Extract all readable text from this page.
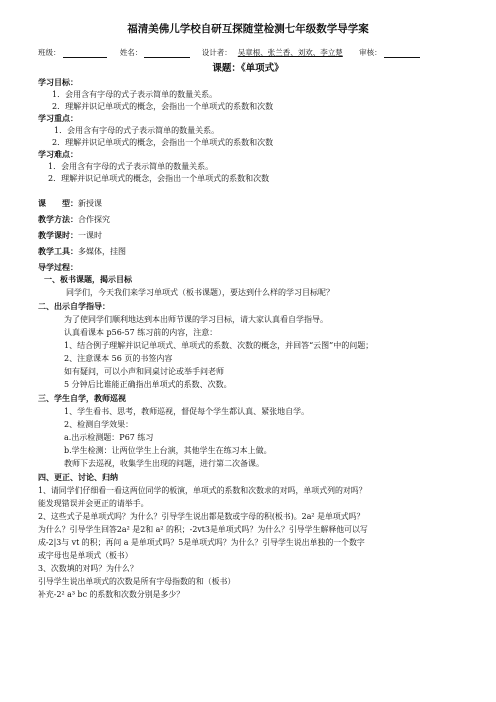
福清美佛儿学校自研互探随堂检测七年级数学导学案
班级：	姓名：	设计者： 吴章根、张兰香、刘欢、李立楚 审核：
课题：《单项式》
学习目标：
1．会用含有字母的式子表示简单的数量关系。
2．理解并识记单项式的概念，会指出一个单项式的系数和次数
学习重点：
1．会用含有字母的式子表示简单的数量关系。
2．理解并识记单项式的概念，会指出一个单项式的系数和次数
学习难点：
1．会用含有字母的式子表示简单的数量关系。
2．理解并识记单项式的概念，会指出一个单项式的系数和次数
课　　型：新授课
教学方法：合作探究
教学课时：一课时
教学工具：多媒体，挂图
导学过程：
一、板书课题，揭示目标
同学们，今天我们来学习单项式（板书课题），要达到什么样的学习目标呢？
二、出示自学指导：
为了使同学们顺利地达到本出师节课的学习目标，请大家认真看自学指导。
认真看课本 p56-57 练习前的内容，注意：
1、结合例子理解并识记单项式、单项式的系数、次数的概念，并回答“云图”中的问题；
2、注意课本 56 页的书签内容
如有疑问，可以小声和同桌讨论或举手问老师
5 分钟后比谁能正确指出单项式的系数、次数。
三、学生自学，教师巡视
1、学生看书、思考，教师巡视，督促每个学生都认真、紧张地自学。
2、检测自学效果：
a.出示检测题：P67 练习
b.学生检测：让两位学生上台演，其他学生在练习本上做。
教师下去巡视，收集学生出现的问题，进行第二次备课。
四、更正、讨论、归纳
1、请同学们仔细看一看这两位同学的板演，单项式的系数和次数求的对吗，单项式列的对吗？
能发现错误并会更正的请举手。
2、这些式子是单项式吗？为什么？引导学生说出都是数或字母的积(板书)。2a² 是单项式吗？
为什么？引导学生回答2a² 是2和 a² 的积；-2vt3是单项式吗？为什么？引导学生解释他可以写
成-2|3与 vt 的积；再问 a 是单项式吗？5是单项式吗？为什么？引导学生说出单独的一个数字
或字母也是单项式（板书）
3、次数填的对吗？为什么？
引导学生说出单项式的次数是所有字母指数的和（板书）
补充-2² a³ bc 的系数和次数分别是多少？
